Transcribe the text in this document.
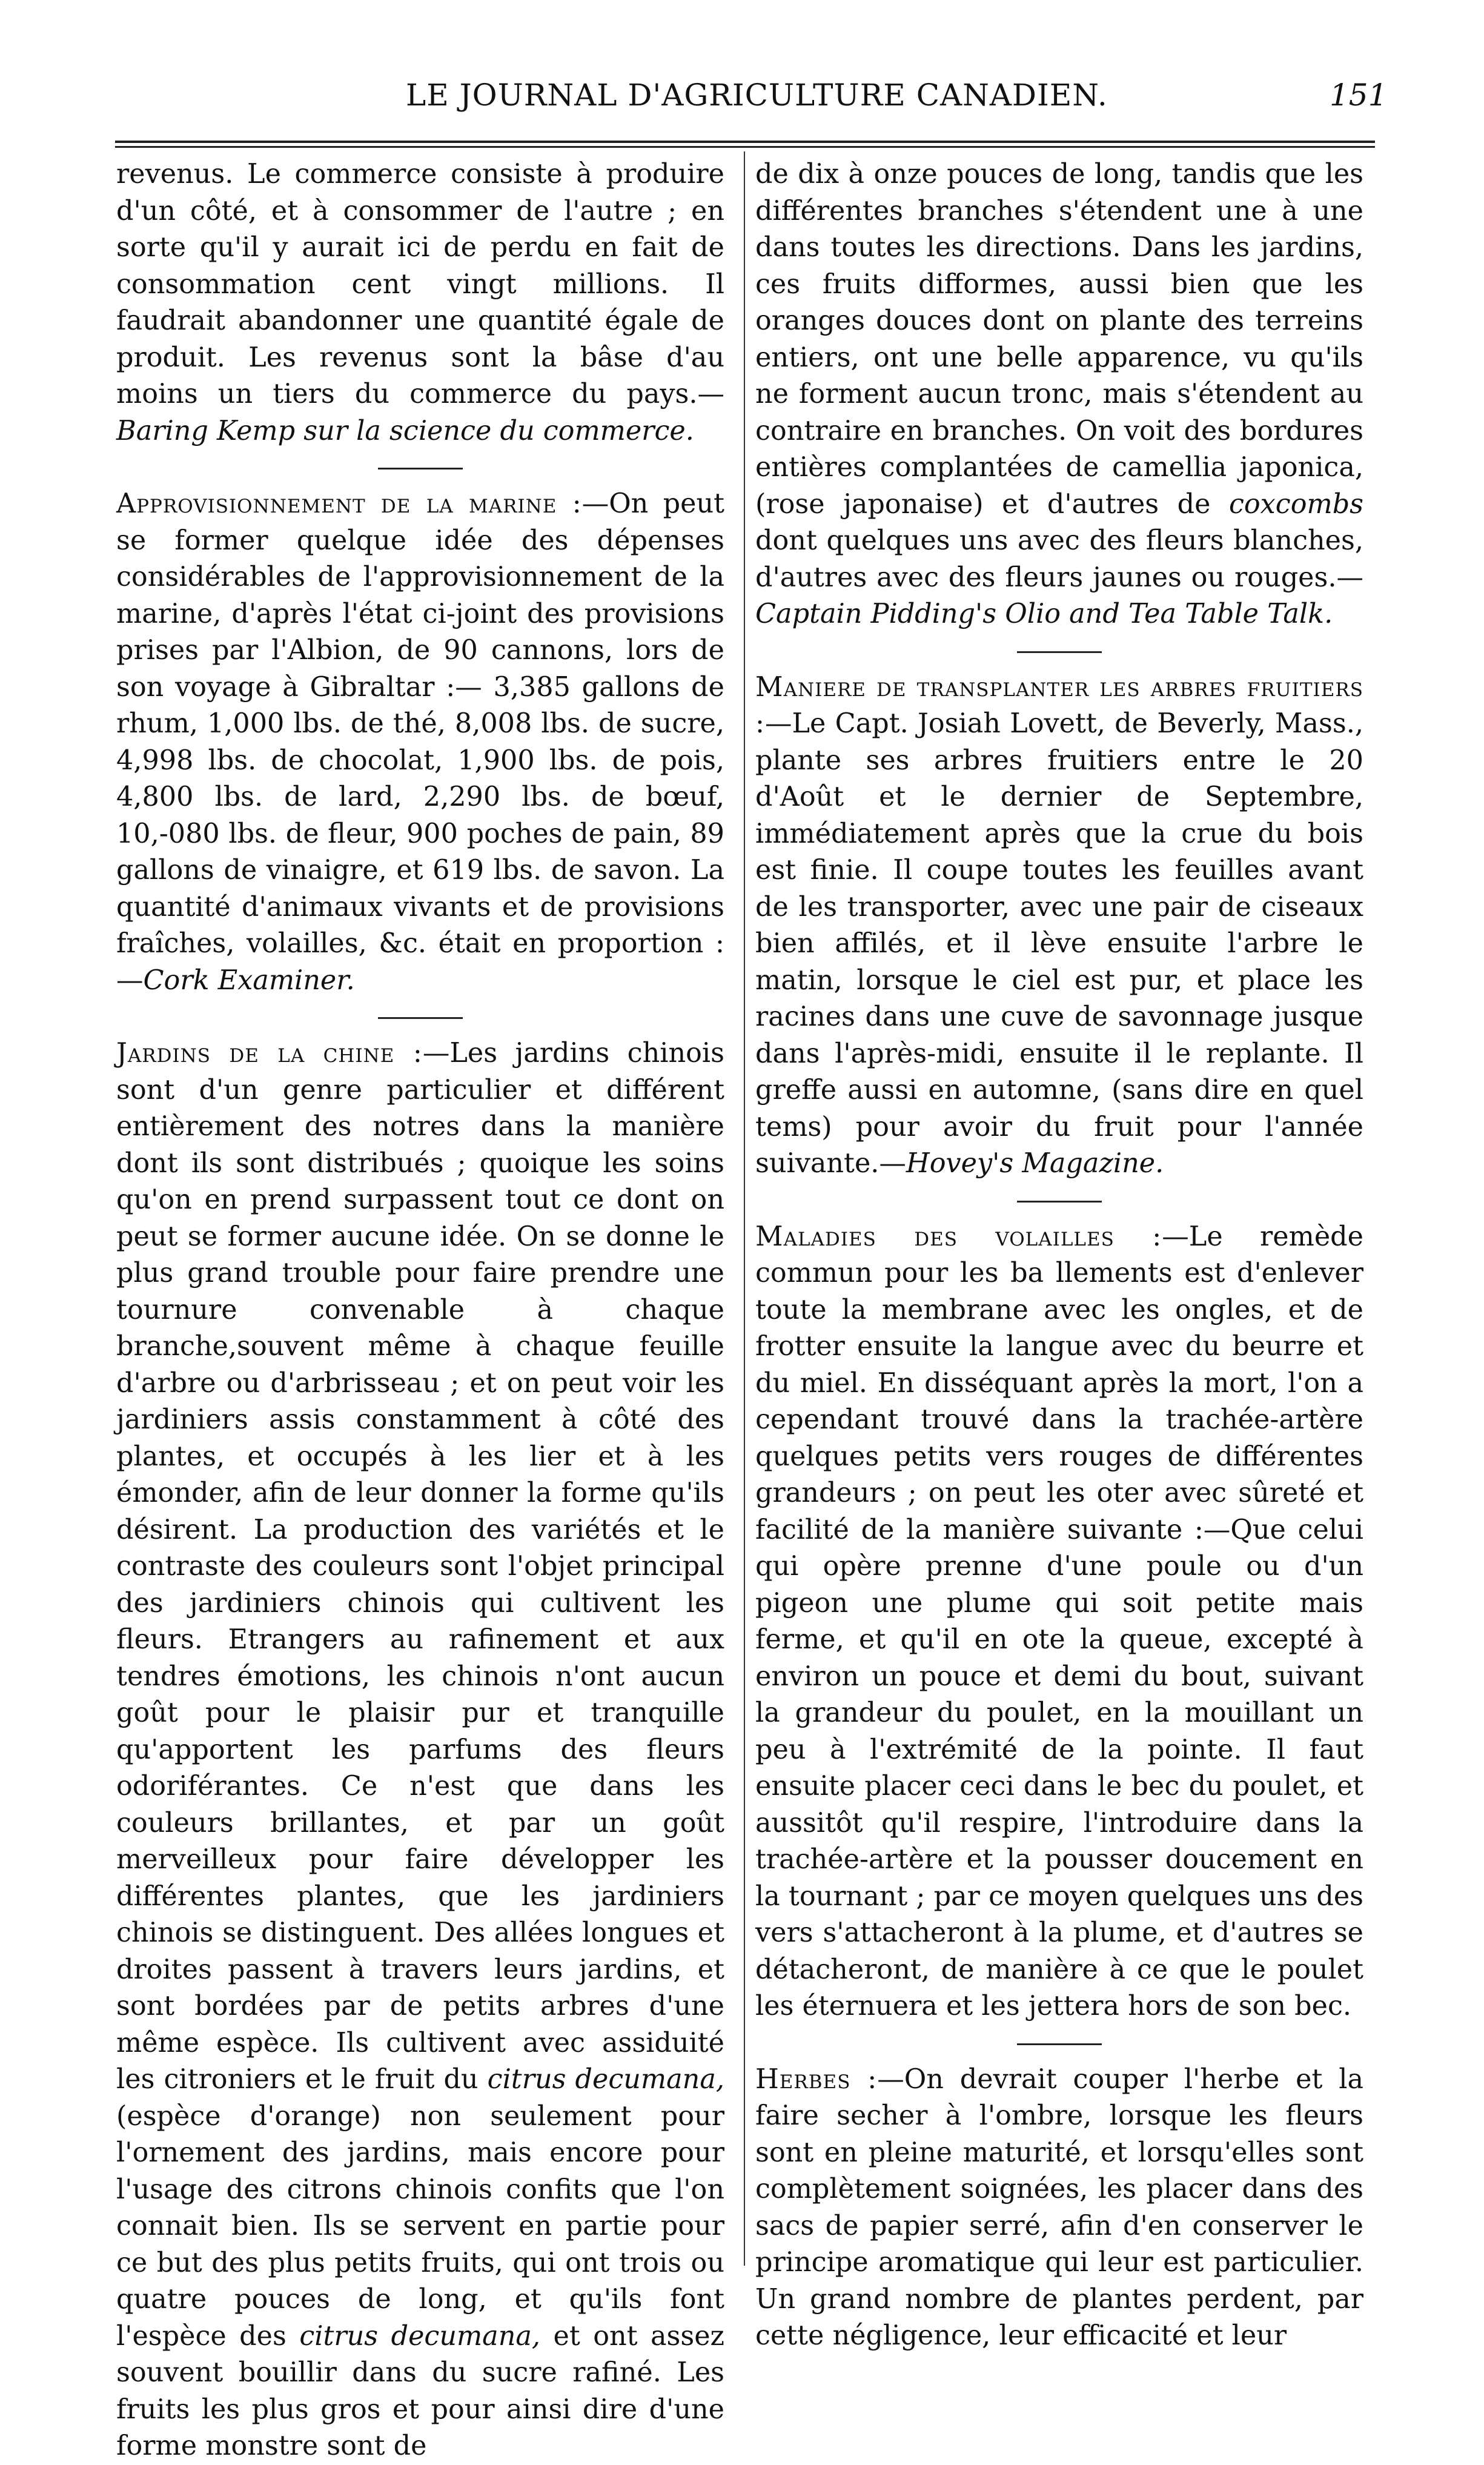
LE JOURNAL D'AGRICULTURE CANADIEN.	151

revenus. Le commerce consiste à produire d'un côté, et à consommer de l'autre ; en sorte qu'il y aurait ici de perdu en fait de consommation cent vingt millions. Il faudrait abandonner une quantité égale de produit. Les revenus sont la bâse d'au moins un tiers du commerce du pays.— Baring Kemp sur la science du commerce.

Approvisionnement de la marine :—On peut se former quelque idée des dépenses considérables de l'approvisionnement de la marine, d'après l'état ci-joint des provisions prises par l'Albion, de 90 cannons, lors de son voyage à Gibraltar :— 3,385 gallons de rhum, 1,000 lbs. de thé, 8,008 lbs. de sucre, 4,998 lbs. de chocolat, 1,900 lbs. de pois, 4,800 lbs. de lard, 2,290 lbs. de bœuf, 10,-080 lbs. de fleur, 900 poches de pain, 89 gallons de vinaigre, et 619 lbs. de savon. La quantité d'animaux vivants et de provisions fraîches, volailles, &c. était en proportion :—Cork Examiner.

Jardins de la chine :—Les jardins chinois sont d'un genre particulier et différent entièrement des notres dans la manière dont ils sont distribués ; quoique les soins qu'on en prend surpassent tout ce dont on peut se former aucune idée. On se donne le plus grand trouble pour faire prendre une tournure convenable à chaque branche,souvent même à chaque feuille d'arbre ou d'arbrisseau ; et on peut voir les jardiniers assis constamment à côté des plantes, et occupés à les lier et à les émonder, afin de leur donner la forme qu'ils désirent. La production des variétés et le contraste des couleurs sont l'objet principal des jardiniers chinois qui cultivent les fleurs. Etrangers au rafinement et aux tendres émotions, les chinois n'ont aucun goût pour le plaisir pur et tranquille qu'apportent les parfums des fleurs odoriférantes. Ce n'est que dans les couleurs brillantes, et par un goût merveilleux pour faire développer les différentes plantes, que les jardiniers chinois se distinguent. Des allées longues et droites passent à travers leurs jardins, et sont bordées par de petits arbres d'une même espèce. Ils cultivent avec assiduité les citroniers et le fruit du citrus decumana, (espèce d'orange) non seulement pour l'ornement des jardins, mais encore pour l'usage des citrons chinois confits que l'on connait bien. Ils se servent en partie pour ce but des plus petits fruits, qui ont trois ou quatre pouces de long, et qu'ils font l'espèce des citrus decumana, et ont assez souvent bouillir dans du sucre rafiné. Les fruits les plus gros et pour ainsi dire d'une forme monstre sont de

de dix à onze pouces de long, tandis que les différentes branches s'étendent une à une dans toutes les directions. Dans les jardins, ces fruits difformes, aussi bien que les oranges douces dont on plante des terreins entiers, ont une belle apparence, vu qu'ils ne forment aucun tronc, mais s'étendent au contraire en branches. On voit des bordures entières complantées de camellia japonica, (rose japonaise) et d'autres de coxcombs dont quelques uns avec des fleurs blanches, d'autres avec des fleurs jaunes ou rouges.—Captain Pidding's Olio and Tea Table Talk.

Maniere de transplanter les arbres fruitiers :—Le Capt. Josiah Lovett, de Beverly, Mass., plante ses arbres fruitiers entre le 20 d'Août et le dernier de Septembre, immédiatement après que la crue du bois est finie. Il coupe toutes les feuilles avant de les transporter, avec une pair de ciseaux bien affilés, et il lève ensuite l'arbre le matin, lorsque le ciel est pur, et place les racines dans une cuve de savonnage jusque dans l'après-midi, ensuite il le replante. Il greffe aussi en automne, (sans dire en quel tems) pour avoir du fruit pour l'année suivante.—Hovey's Magazine.

Maladies des volailles :—Le remède commun pour les ba llements est d'enlever toute la membrane avec les ongles, et de frotter ensuite la langue avec du beurre et du miel. En disséquant après la mort, l'on a cependant trouvé dans la trachée-artère quelques petits vers rouges de différentes grandeurs ; on peut les oter avec sûreté et facilité de la manière suivante :—Que celui qui opère prenne d'une poule ou d'un pigeon une plume qui soit petite mais ferme, et qu'il en ote la queue, excepté à environ un pouce et demi du bout, suivant la grandeur du poulet, en la mouillant un peu à l'extrémité de la pointe. Il faut ensuite placer ceci dans le bec du poulet, et aussitôt qu'il respire, l'introduire dans la trachée-artère et la pousser doucement en la tournant ; par ce moyen quelques uns des vers s'attacheront à la plume, et d'autres se détacheront, de manière à ce que le poulet les éternuera et les jettera hors de son bec.

Herbes :—On devrait couper l'herbe et la faire secher à l'ombre, lorsque les fleurs sont en pleine maturité, et lorsqu'elles sont complètement soignées, les placer dans des sacs de papier serré, afin d'en conserver le principe aromatique qui leur est particulier. Un grand nombre de plantes perdent, par cette négligence, leur efficacité et leur
